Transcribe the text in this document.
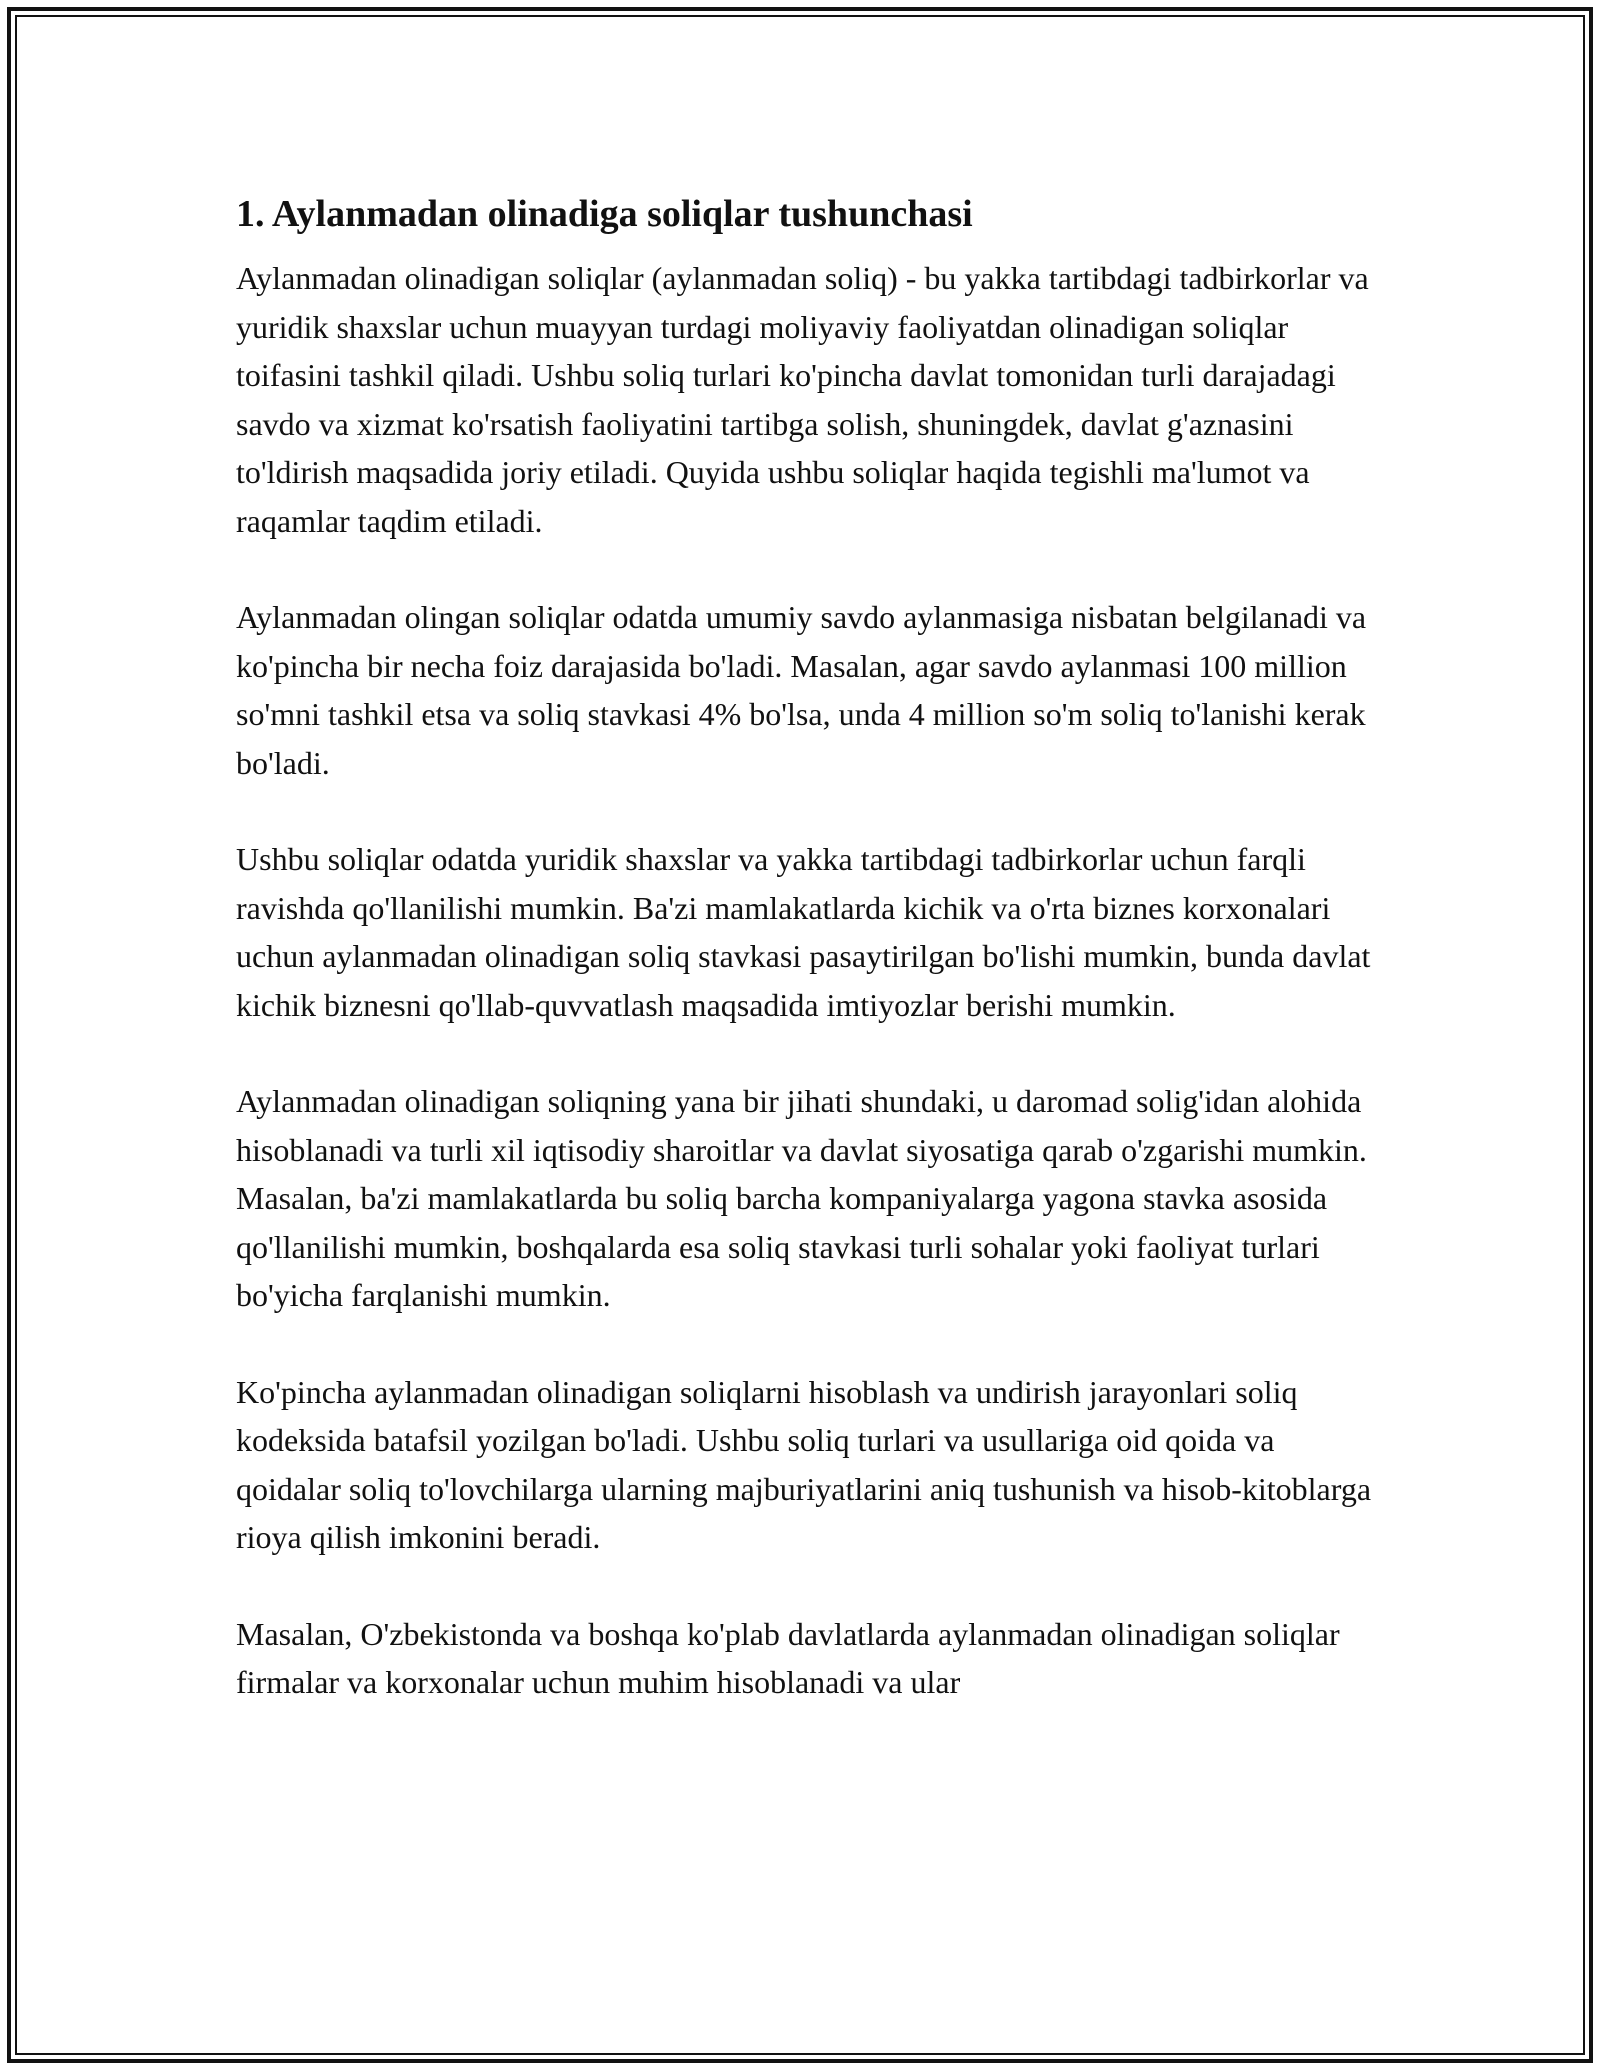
1. Aylanmadan olinadiga soliqlar tushunchasi

Aylanmadan olinadigan soliqlar (aylanmadan soliq) - bu yakka tartibdagi tadbirkorlar va yuridik shaxslar uchun muayyan turdagi moliyaviy faoliyatdan olinadigan soliqlar toifasini tashkil qiladi. Ushbu soliq turlari ko'pincha davlat tomonidan turli darajadagi savdo va xizmat ko'rsatish faoliyatini tartibga solish, shuningdek, davlat g'aznasini to'ldirish maqsadida joriy etiladi. Quyida ushbu soliqlar haqida tegishli ma'lumot va raqamlar taqdim etiladi.

Aylanmadan olingan soliqlar odatda umumiy savdo aylanmasiga nisbatan belgilanadi va ko'pincha bir necha foiz darajasida bo'ladi. Masalan, agar savdo aylanmasi 100 million so'mni tashkil etsa va soliq stavkasi 4% bo'lsa, unda 4 million so'm soliq to'lanishi kerak bo'ladi.

Ushbu soliqlar odatda yuridik shaxslar va yakka tartibdagi tadbirkorlar uchun farqli ravishda qo'llanilishi mumkin. Ba'zi mamlakatlarda kichik va o'rta biznes korxonalari uchun aylanmadan olinadigan soliq stavkasi pasaytirilgan bo'lishi mumkin, bunda davlat kichik biznesni qo'llab-quvvatlash maqsadida imtiyozlar berishi mumkin.

Aylanmadan olinadigan soliqning yana bir jihati shundaki, u daromad solig'idan alohida hisoblanadi va turli xil iqtisodiy sharoitlar va davlat siyosatiga qarab o'zgarishi mumkin. Masalan, ba'zi mamlakatlarda bu soliq barcha kompaniyalarga yagona stavka asosida qo'llanilishi mumkin, boshqalarda esa soliq stavkasi turli sohalar yoki faoliyat turlari bo'yicha farqlanishi mumkin.

Ko'pincha aylanmadan olinadigan soliqlarni hisoblash va undirish jarayonlari soliq kodeksida batafsil yozilgan bo'ladi. Ushbu soliq turlari va usullariga oid qoida va qoidalar soliq to'lovchilarga ularning majburiyatlarini aniq tushunish va hisob-kitoblarga rioya qilish imkonini beradi.

Masalan, O'zbekistonda va boshqa ko'plab davlatlarda aylanmadan olinadigan soliqlar firmalar va korxonalar uchun muhim hisoblanadi va ular
